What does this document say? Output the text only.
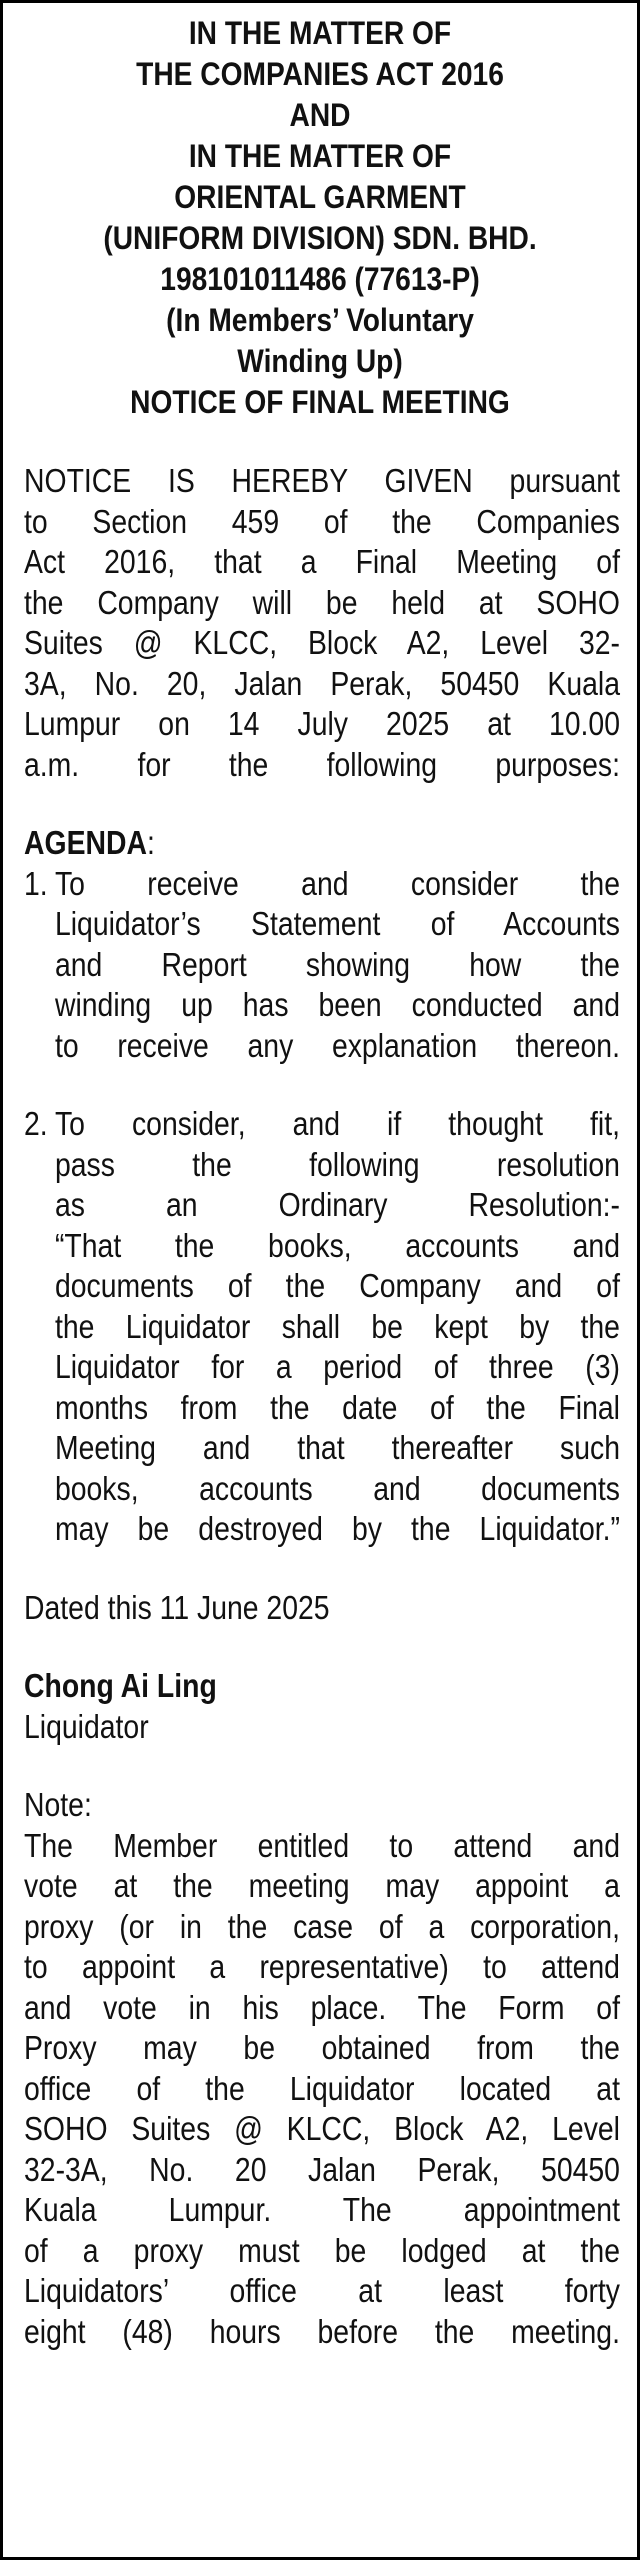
IN THE MATTER OF
THE COMPANIES ACT 2016
AND
IN THE MATTER OF
ORIENTAL GARMENT
(UNIFORM DIVISION) SDN. BHD.
198101011486 (77613-P)
(In Members’ Voluntary
Winding Up)
NOTICE OF FINAL MEETING
NOTICE IS HEREBY GIVEN pursuant
to Section 459 of the Companies
Act 2016, that a Final Meeting of
the Company will be held at SOHO
Suites @ KLCC, Block A2, Level 32-
3A, No. 20, Jalan Perak, 50450 Kuala
Lumpur on 14 July 2025 at 10.00
a.m. for the following purposes:
AGENDA:
1. To receive and consider the
Liquidator’s Statement of Accounts
and Report showing how the
winding up has been conducted and
to receive any explanation thereon.
2. To consider, and if thought fit,
pass the following resolution
as an Ordinary Resolution:-
“That the books, accounts and
documents of the Company and of
the Liquidator shall be kept by the
Liquidator for a period of three (3)
months from the date of the Final
Meeting and that thereafter such
books, accounts and documents
may be destroyed by the Liquidator.”
Dated this 11 June 2025
Chong Ai Ling
Liquidator
Note:
The Member entitled to attend and
vote at the meeting may appoint a
proxy (or in the case of a corporation,
to appoint a representative) to attend
and vote in his place. The Form of
Proxy may be obtained from the
office of the Liquidator located at
SOHO Suites @ KLCC, Block A2, Level
32-3A, No. 20 Jalan Perak, 50450
Kuala Lumpur. The appointment
of a proxy must be lodged at the
Liquidators’ office at least forty
eight (48) hours before the meeting.
